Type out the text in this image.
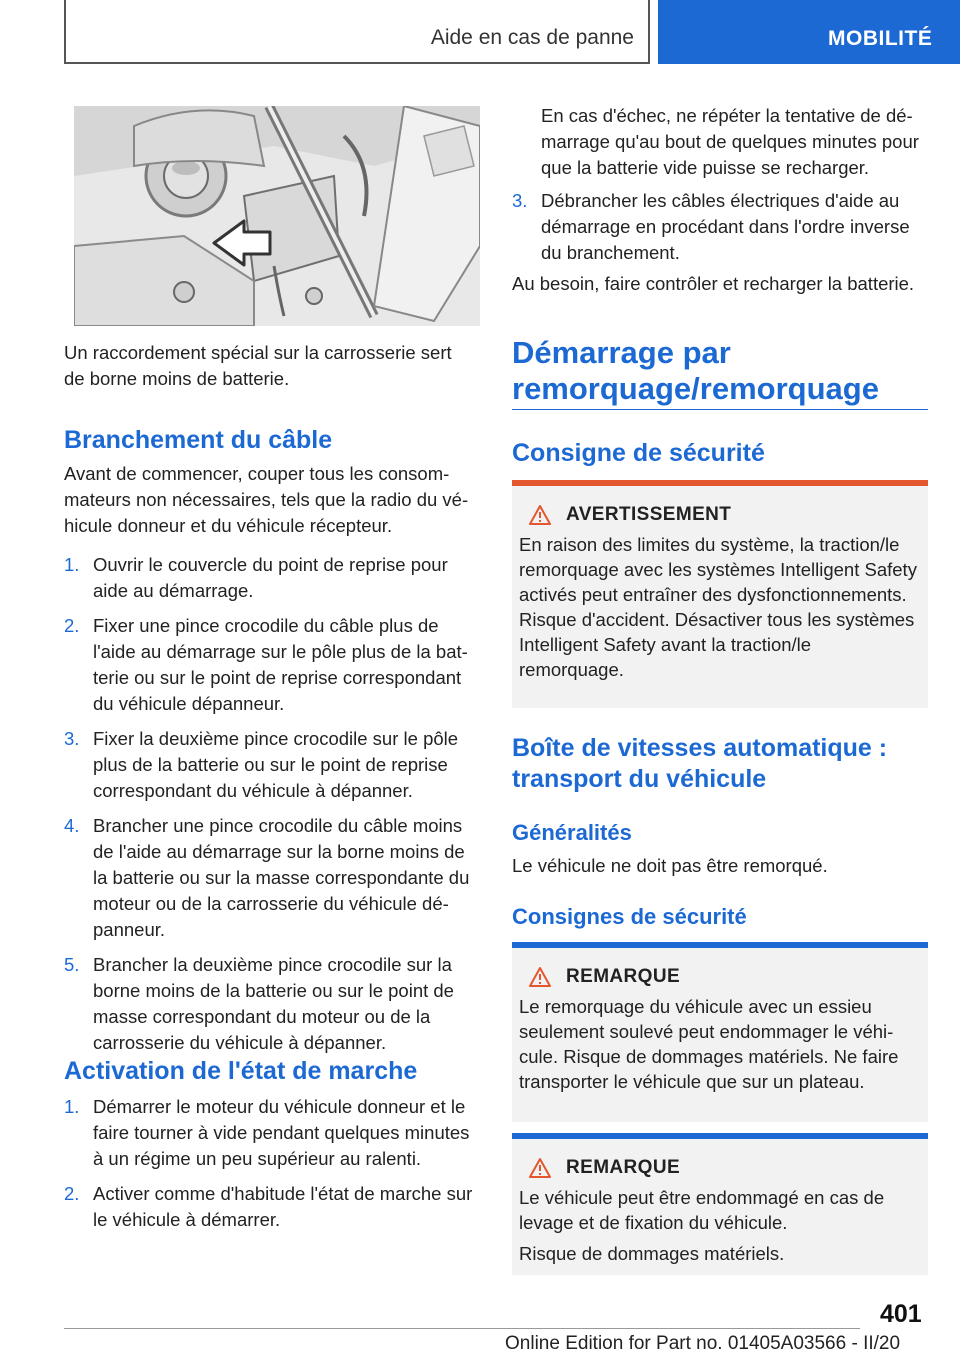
Aide en cas de panne	MOBILITÉ

Un raccordement spécial sur la carrosserie sert de borne moins de batterie.

Branchement du câble

Avant de commencer, couper tous les consommateurs non nécessaires, tels que la radio du véhicule donneur et du véhicule récepteur.

1. Ouvrir le couvercle du point de reprise pour aide au démarrage.
2. Fixer une pince crocodile du câble plus de l'aide au démarrage sur le pôle plus de la batterie ou sur le point de reprise correspondant du véhicule dépanneur.
3. Fixer la deuxième pince crocodile sur le pôle plus de la batterie ou sur le point de reprise correspondant du véhicule à dépanner.
4. Brancher une pince crocodile du câble moins de l'aide au démarrage sur la borne moins de la batterie ou sur la masse correspondante du moteur ou de la carrosserie du véhicule dépanneur.
5. Brancher la deuxième pince crocodile sur la borne moins de la batterie ou sur le point de masse correspondant du moteur ou de la carrosserie du véhicule à dépanner.
Activation de l'état de marche
1. Démarrer le moteur du véhicule donneur et le faire tourner à vide pendant quelques minutes à un régime un peu supérieur au ralenti.
2. Activer comme d'habitude l'état de marche sur le véhicule à démarrer.

En cas d'échec, ne répéter la tentative de démarrage qu'au bout de quelques minutes pour que la batterie vide puisse se recharger.

3. Débrancher les câbles électriques d'aide au démarrage en procédant dans l'ordre inverse du branchement.

Au besoin, faire contrôler et recharger la batterie.

Démarrage par remorquage/remorquage
Consigne de sécurité
AVERTISSEMENT

En raison des limites du système, la traction/le remorquage avec les systèmes Intelligent Safety activés peut entraîner des dysfonctionnements. Risque d'accident. Désactiver tous les systèmes Intelligent Safety avant la traction/le remorquage.

Boîte de vitesses automatique : transport du véhicule
Généralités

Le véhicule ne doit pas être remorqué.

Consignes de sécurité
REMARQUE

Le remorquage du véhicule avec un essieu seulement soulevé peut endommager le véhicule. Risque de dommages matériels. Ne faire transporter le véhicule que sur un plateau.

REMARQUE

Le véhicule peut être endommagé en cas de levage et de fixation du véhicule.

Risque de dommages matériels.

401
Online Edition for Part no. 01405A03566 - II/20
